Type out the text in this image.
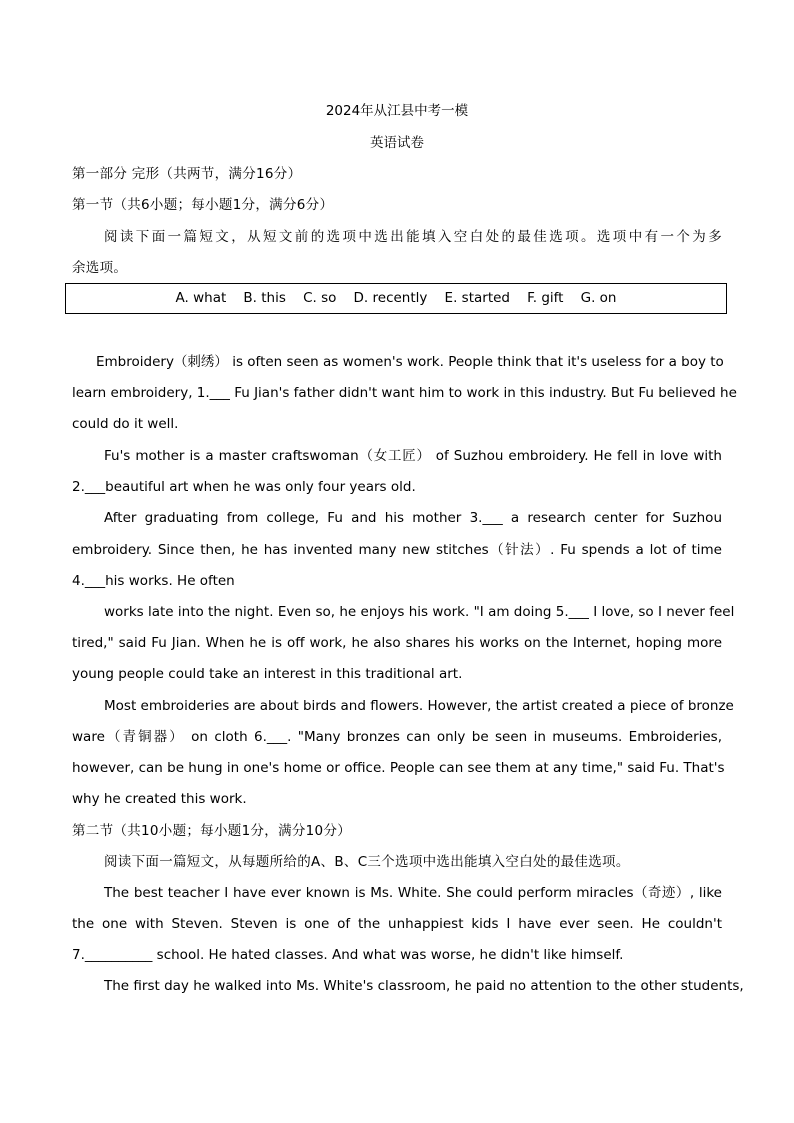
2024年从江县中考一模
英语试卷
第一部分 完形（共两节，满分16分）
第一节（共6小题；每小题1分，满分6分）
阅读下面一篇短文，从短文前的选项中选出能填入空白处的最佳选项。选项中有一个为多
余选项。
A. what    B. this    C. so    D. recently    E. started    F. gift    G. on
Embroidery（刺绣） is often seen as women's work. People think that it's useless for a boy to
learn embroidery, 1.___ Fu Jian's father didn't want him to work in this industry. But Fu believed he
could do it well.
Fu's mother is a master craftswoman（女工匠） of Suzhou embroidery. He fell in love with
2.___beautiful art when he was only four years old.
After graduating from college, Fu and his mother 3.___ a research center for Suzhou
embroidery. Since then, he has invented many new stitches（针法）. Fu spends a lot of time
4.___his works. He often
works late into the night. Even so, he enjoys his work. "I am doing 5.___ I love, so I never feel
tired," said Fu Jian. When he is off work, he also shares his works on the Internet, hoping more
young people could take an interest in this traditional art.
Most embroideries are about birds and flowers. However, the artist created a piece of bronze
ware（青铜器） on cloth 6.___. "Many bronzes can only be seen in museums. Embroideries,
however, can be hung in one's home or office. People can see them at any time," said Fu. That's
why he created this work.
第二节（共10小题；每小题1分，满分10分）
阅读下面一篇短文，从每题所给的A、B、C三个选项中选出能填入空白处的最佳选项。
The best teacher I have ever known is Ms. White. She could perform miracles（奇迹）, like
the one with Steven. Steven is one of the unhappiest kids I have ever seen. He couldn't
7.__________ school. He hated classes. And what was worse, he didn't like himself.
The first day he walked into Ms. White's classroom, he paid no attention to the other students,
